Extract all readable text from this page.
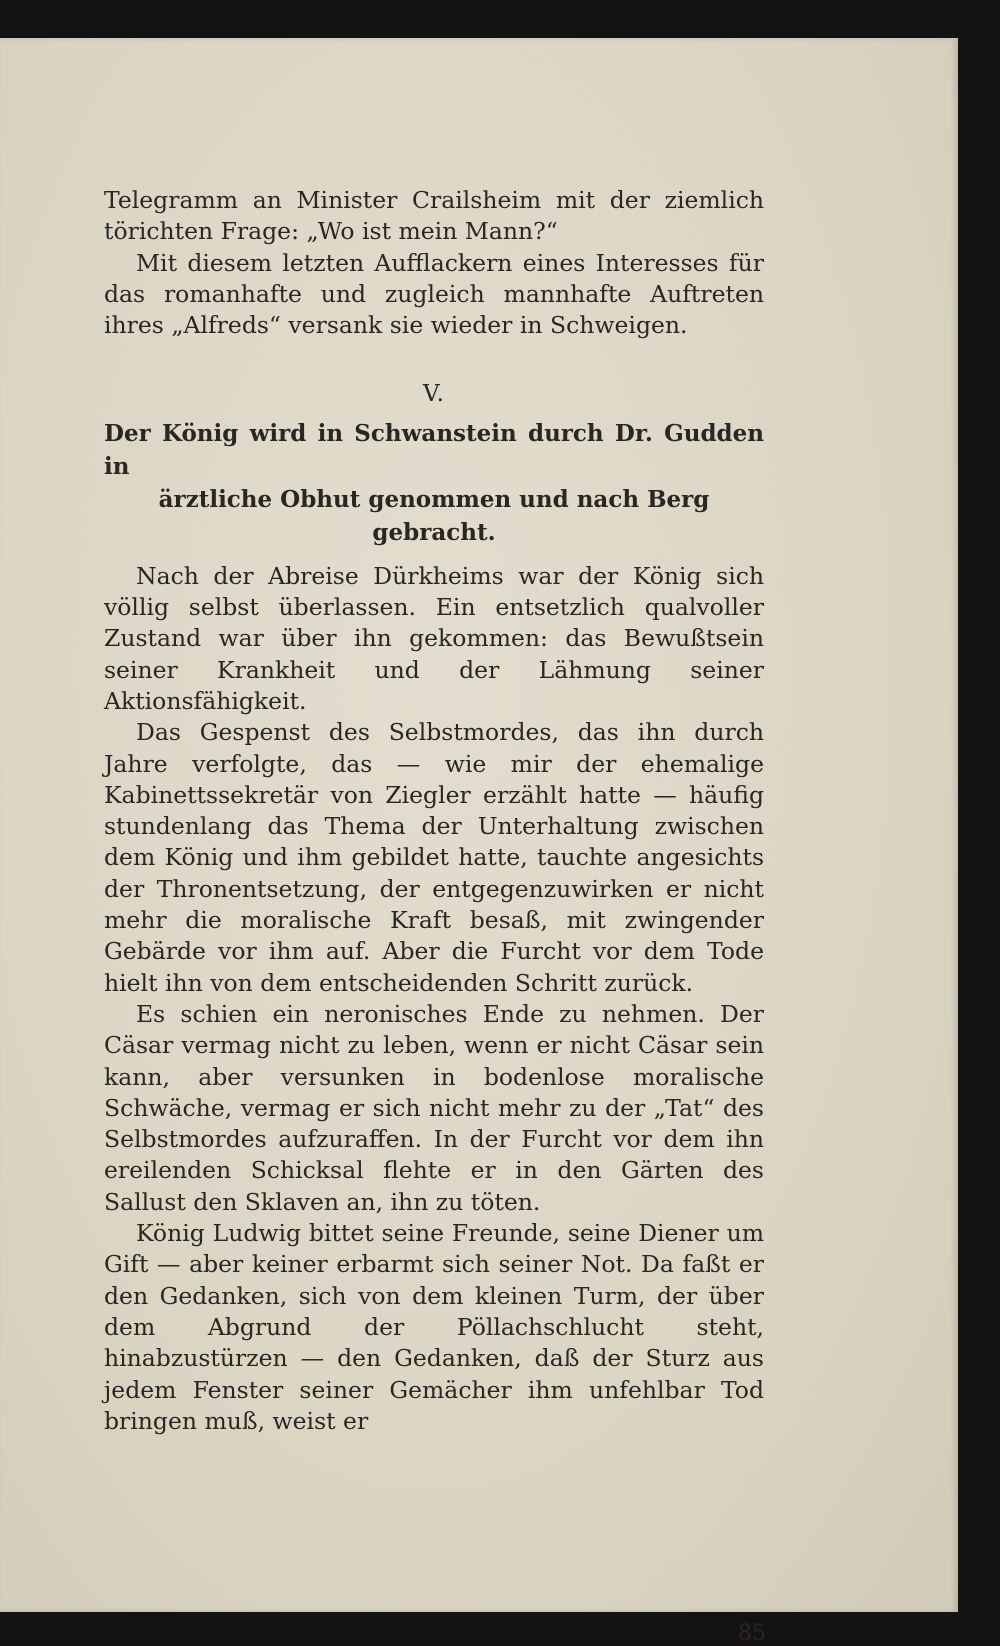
Telegramm an Minister Crailsheim mit der ziemlich törichten Frage: „Wo ist mein Mann?“

Mit diesem letzten Aufflackern eines Interesses für das romanhafte und zugleich mannhafte Auftreten ihres „Alfreds“ versank sie wieder in Schweigen.

V.
Der König wird in Schwanstein durch Dr. Gudden in
ärztliche Obhut genommen und nach Berg gebracht.

Nach der Abreise Dürkheims war der König sich völlig selbst überlassen. Ein entsetzlich qualvoller Zustand war über ihn gekommen: das Bewußtsein seiner Krankheit und der Lähmung seiner Aktionsfähigkeit.

Das Gespenst des Selbstmordes, das ihn durch Jahre verfolgte, das — wie mir der ehemalige Kabinettssekretär von Ziegler erzählt hatte — häufig stundenlang das Thema der Unterhaltung zwischen dem König und ihm gebildet hatte, tauchte angesichts der Thronentsetzung, der entgegenzuwirken er nicht mehr die moralische Kraft besaß, mit zwingender Gebärde vor ihm auf. Aber die Furcht vor dem Tode hielt ihn von dem entscheidenden Schritt zurück.

Es schien ein neronisches Ende zu nehmen. Der Cäsar vermag nicht zu leben, wenn er nicht Cäsar sein kann, aber versunken in bodenlose moralische Schwäche, vermag er sich nicht mehr zu der „Tat“ des Selbstmordes aufzuraffen. In der Furcht vor dem ihn ereilenden Schicksal flehte er in den Gärten des Sallust den Sklaven an, ihn zu töten.

König Ludwig bittet seine Freunde, seine Diener um Gift — aber keiner erbarmt sich seiner Not. Da faßt er den Gedanken, sich von dem kleinen Turm, der über dem Abgrund der Pöllachschlucht steht, hinabzustürzen — den Gedanken, daß der Sturz aus jedem Fenster seiner Gemächer ihm unfehlbar Tod bringen muß, weist er

85
